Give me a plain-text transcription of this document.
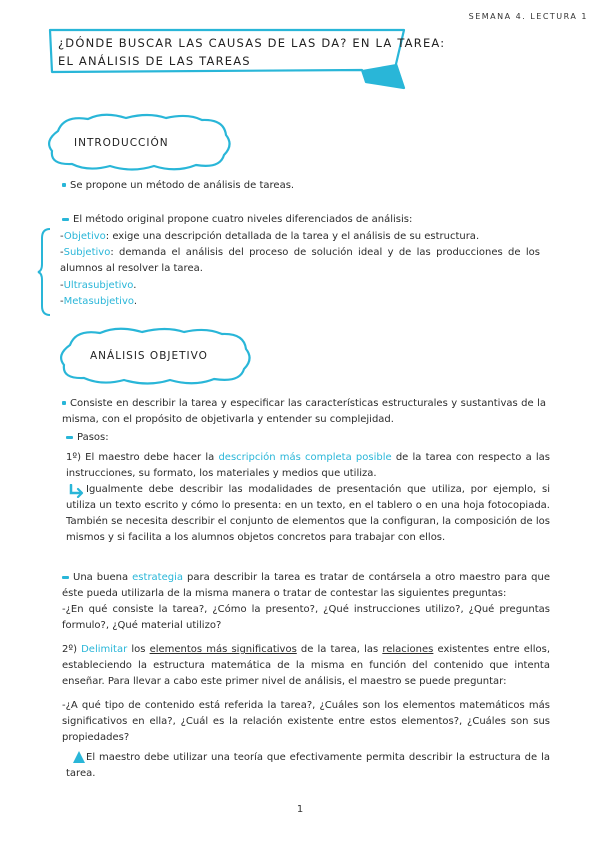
SEMANA 4. LECTURA 1
¿DÓNDE BUSCAR LAS CAUSAS DE LAS DA? EN LA TAREA:
EL ANÁLISIS DE LAS TAREAS
INTRODUCCIÓN
Se propone un método de análisis de tareas.
El método original propone cuatro niveles diferenciados de análisis:
-Objetivo: exige una descripción detallada de la tarea y el análisis de su estructura.
-Subjetivo: demanda el análisis del proceso de solución ideal y de las producciones de los alumnos al resolver la tarea.
-Ultrasubjetivo.
-Metasubjetivo.
ANÁLISIS OBJETIVO
Consiste en describir la tarea y especificar las características estructurales y sustantivas de la misma, con el propósito de objetivarla y entender su complejidad.
Pasos:
1º) El maestro debe hacer la descripción más completa posible de la tarea con respecto a las instrucciones, su formato, los materiales y medios que utiliza.
Igualmente debe describir las modalidades de presentación que utiliza, por ejemplo, si utiliza un texto escrito y cómo lo presenta: en un texto, en el tablero o en una hoja fotocopiada. También se necesita describir el conjunto de elementos que la configuran, la composición de los mismos y si facilita a los alumnos objetos concretos para trabajar con ellos.
Una buena estrategia para describir la tarea es tratar de contársela a otro maestro para que éste pueda utilizarla de la misma manera o tratar de contestar las siguientes preguntas:
-¿En qué consiste la tarea?, ¿Cómo la presento?, ¿Qué instrucciones utilizo?, ¿Qué preguntas formulo?, ¿Qué material utilizo?
2º) Delimitar los elementos más significativos de la tarea, las relaciones existentes entre ellos, estableciendo la estructura matemática de la misma en función del contenido que intenta enseñar. Para llevar a cabo este primer nivel de análisis, el maestro se puede preguntar:
-¿A qué tipo de contenido está referida la tarea?, ¿Cuáles son los elementos matemáticos más significativos en ella?, ¿Cuál es la relación existente entre estos elementos?, ¿Cuáles son sus propiedades?
El maestro debe utilizar una teoría que efectivamente permita describir la estructura de la tarea.
1
